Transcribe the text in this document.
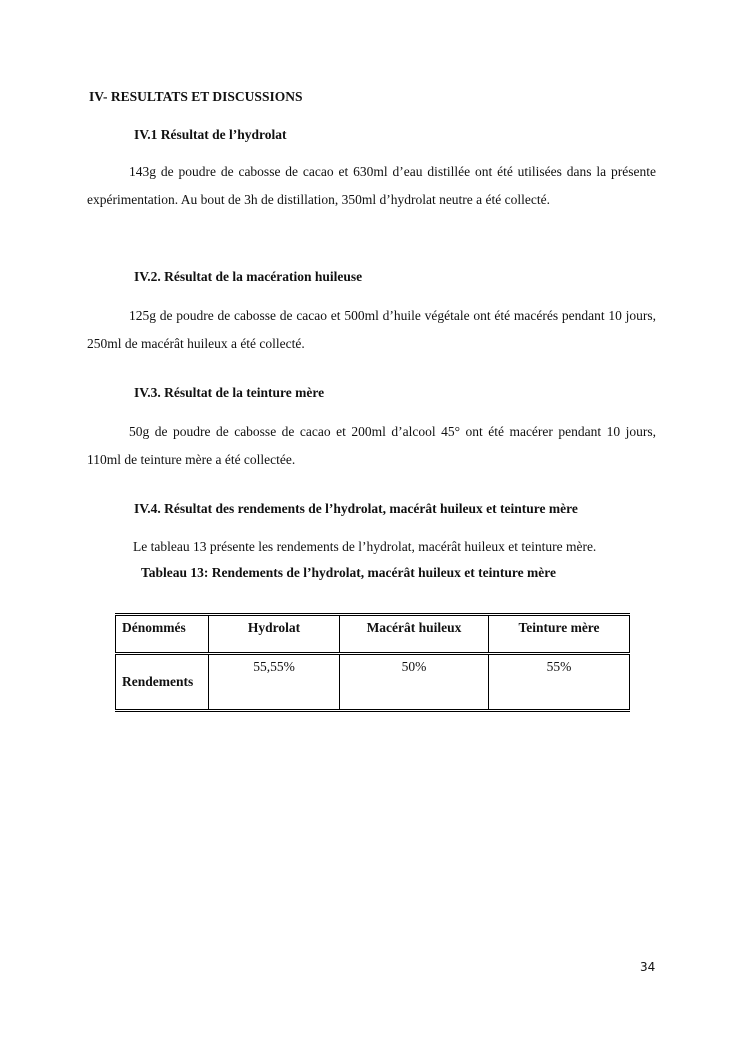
IV- RESULTATS ET DISCUSSIONS
IV.1 Résultat de l’hydrolat
143g de poudre de cabosse de cacao et 630ml d’eau distillée ont été utilisées dans la présente expérimentation. Au bout de 3h de distillation, 350ml d’hydrolat neutre a été collecté.
IV.2. Résultat de la macération huileuse
125g de poudre de cabosse de cacao et 500ml d’huile végétale ont été macérés pendant 10 jours, 250ml de macérât huileux a été collecté.
IV.3. Résultat de la teinture mère
50g de poudre de cabosse de cacao et 200ml d’alcool 45° ont été macérer pendant 10 jours, 110ml de teinture mère a été collectée.
IV.4. Résultat des rendements de l’hydrolat, macérât huileux et teinture mère
Le tableau 13 présente les rendements de l’hydrolat, macérât huileux et teinture mère.
Tableau 13: Rendements de l’hydrolat, macérât huileux et teinture mère
Dénommés	Hydrolat	Macérât huileux	Teinture mère
Rendements	55,55%	50%	55%
34
